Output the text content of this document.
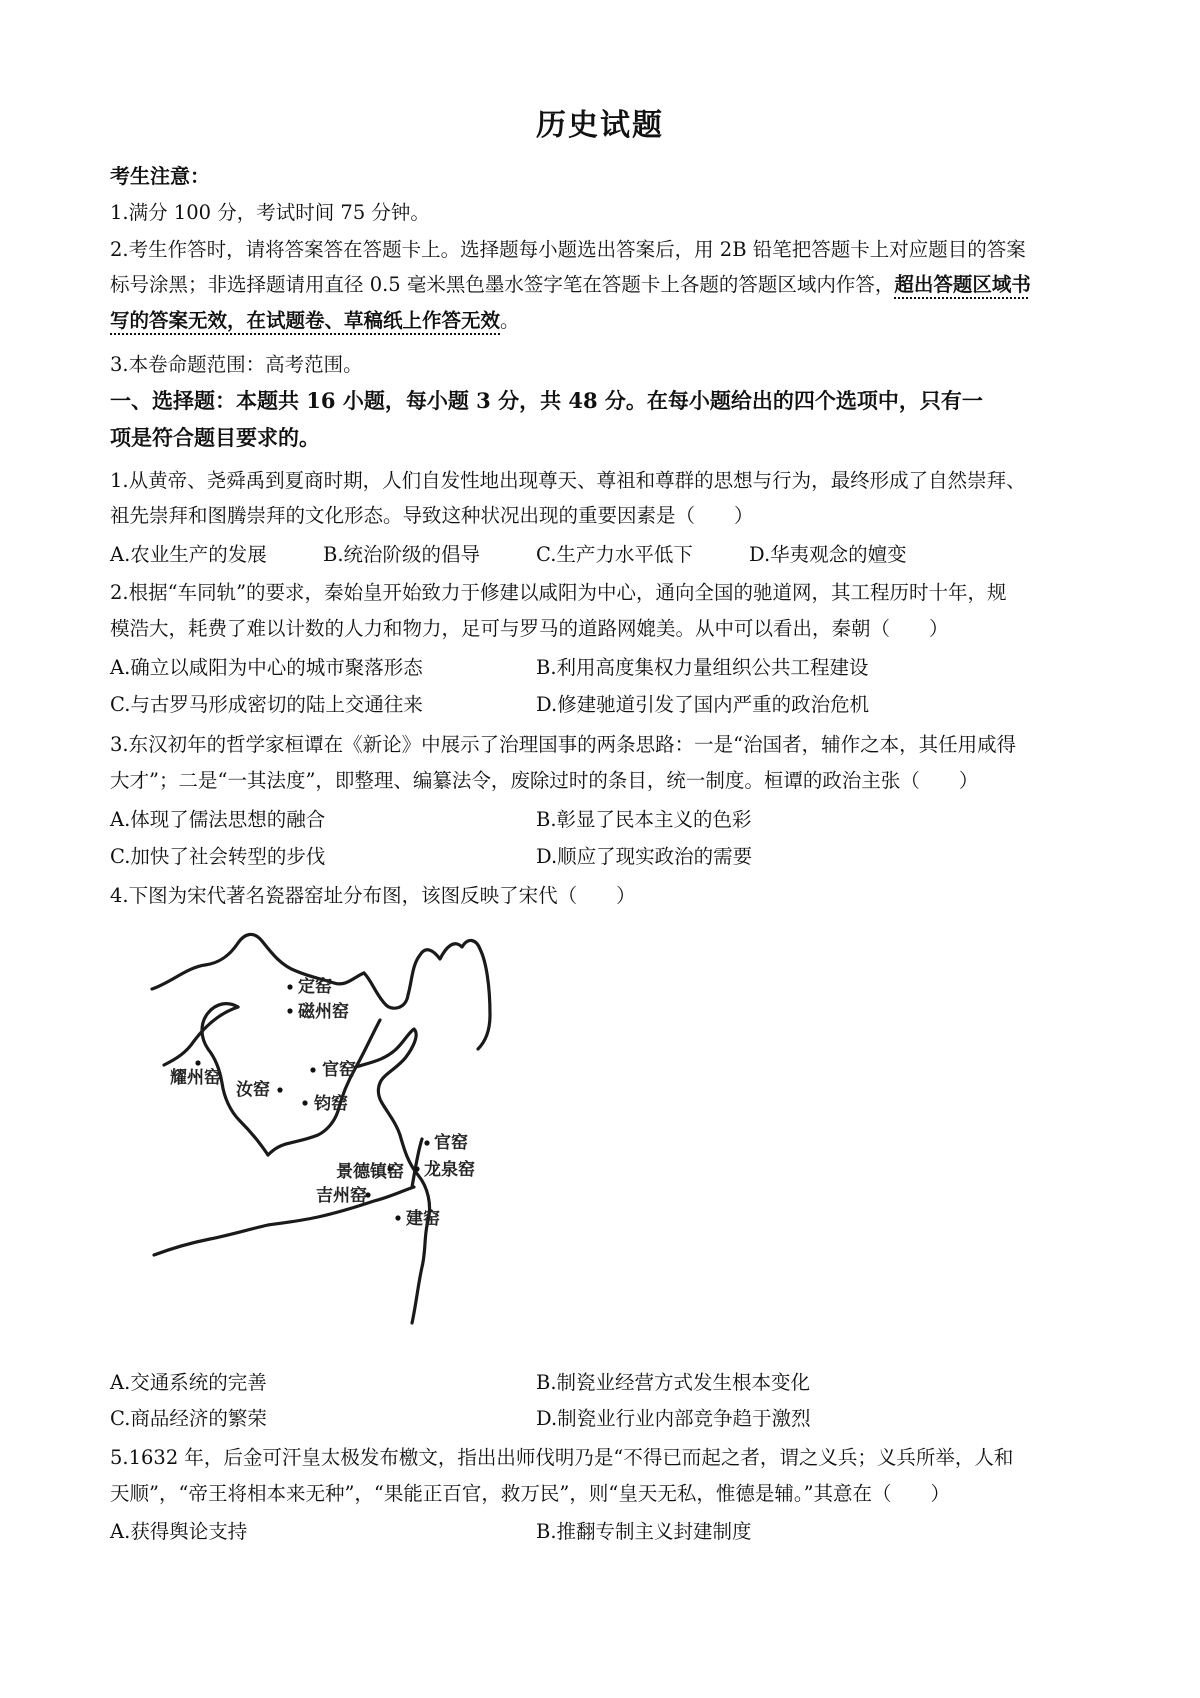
历史试题
考生注意：
1.满分 100 分，考试时间 75 分钟。
2.考生作答时，请将答案答在答题卡上。选择题每小题选出答案后，用 2B 铅笔把答题卡上对应题目的答案
标号涂黑；非选择题请用直径 0.5 毫米黑色墨水签字笔在答题卡上各题的答题区域内作答，超出答题区域书
写的答案无效，在试题卷、草稿纸上作答无效。
3.本卷命题范围：高考范围。
一、选择题：本题共 16 小题，每小题 3 分，共 48 分。在每小题给出的四个选项中，只有一
项是符合题目要求的。
1.从黄帝、尧舜禹到夏商时期，人们自发性地出现尊天、尊祖和尊群的思想与行为，最终形成了自然崇拜、
祖先崇拜和图腾崇拜的文化形态。导致这种状况出现的重要因素是（　　）
A.农业生产的发展	B.统治阶级的倡导	C.生产力水平低下	D.华夷观念的嬗变
2.根据“车同轨”的要求，秦始皇开始致力于修建以咸阳为中心，通向全国的驰道网，其工程历时十年，规
模浩大，耗费了难以计数的人力和物力，足可与罗马的道路网媲美。从中可以看出，秦朝（　　）
A.确立以咸阳为中心的城市聚落形态	B.利用高度集权力量组织公共工程建设
C.与古罗马形成密切的陆上交通往来	D.修建驰道引发了国内严重的政治危机
3.东汉初年的哲学家桓谭在《新论》中展示了治理国事的两条思路：一是“治国者，辅作之本，其任用咸得
大才”；二是“一其法度”，即整理、编纂法令，废除过时的条目，统一制度。桓谭的政治主张（　　）
A.体现了儒法思想的融合	B.彰显了民本主义的色彩
C.加快了社会转型的步伐	D.顺应了现实政治的需要
4.下图为宋代著名瓷器窑址分布图，该图反映了宋代（　　）
定窑
磁州窑
耀州窑
汝窑
官窑
钧窑
官窑
景德镇窑 龙泉窑
吉州窑
建窑
A.交通系统的完善	B.制瓷业经营方式发生根本变化
C.商品经济的繁荣	D.制瓷业行业内部竞争趋于激烈
5.1632 年，后金可汗皇太极发布檄文，指出出师伐明乃是“不得已而起之者，谓之义兵；义兵所举，人和
天顺”，“帝王将相本来无种”，“果能正百官，救万民”，则“皇天无私，惟德是辅。”其意在（　　）
A.获得舆论支持	B.推翻专制主义封建制度
